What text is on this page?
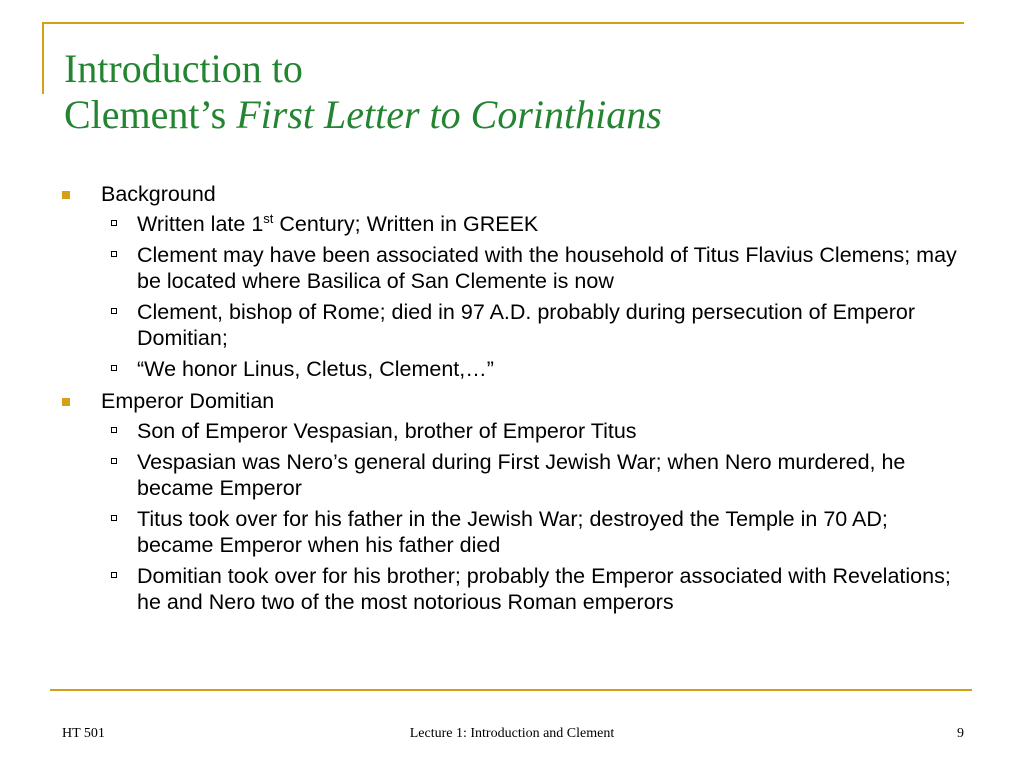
Introduction to
Clement’s First Letter to Corinthians
Background
Written late 1st Century; Written in GREEK
Clement may have been associated with the household of Titus Flavius Clemens; may be located where Basilica of San Clemente is now
Clement, bishop of Rome; died in 97 A.D. probably during persecution of Emperor Domitian;
“We honor Linus, Cletus, Clement,…”
Emperor Domitian
Son of Emperor Vespasian, brother of Emperor Titus
Vespasian was Nero’s general during First Jewish War; when Nero murdered, he became Emperor
Titus took over for his father in the Jewish War; destroyed the Temple in 70 AD; became Emperor when his father died
Domitian took over for his brother; probably the Emperor associated with Revelations; he and Nero two of the most notorious Roman emperors
HT 501	Lecture 1: Introduction and Clement	9
